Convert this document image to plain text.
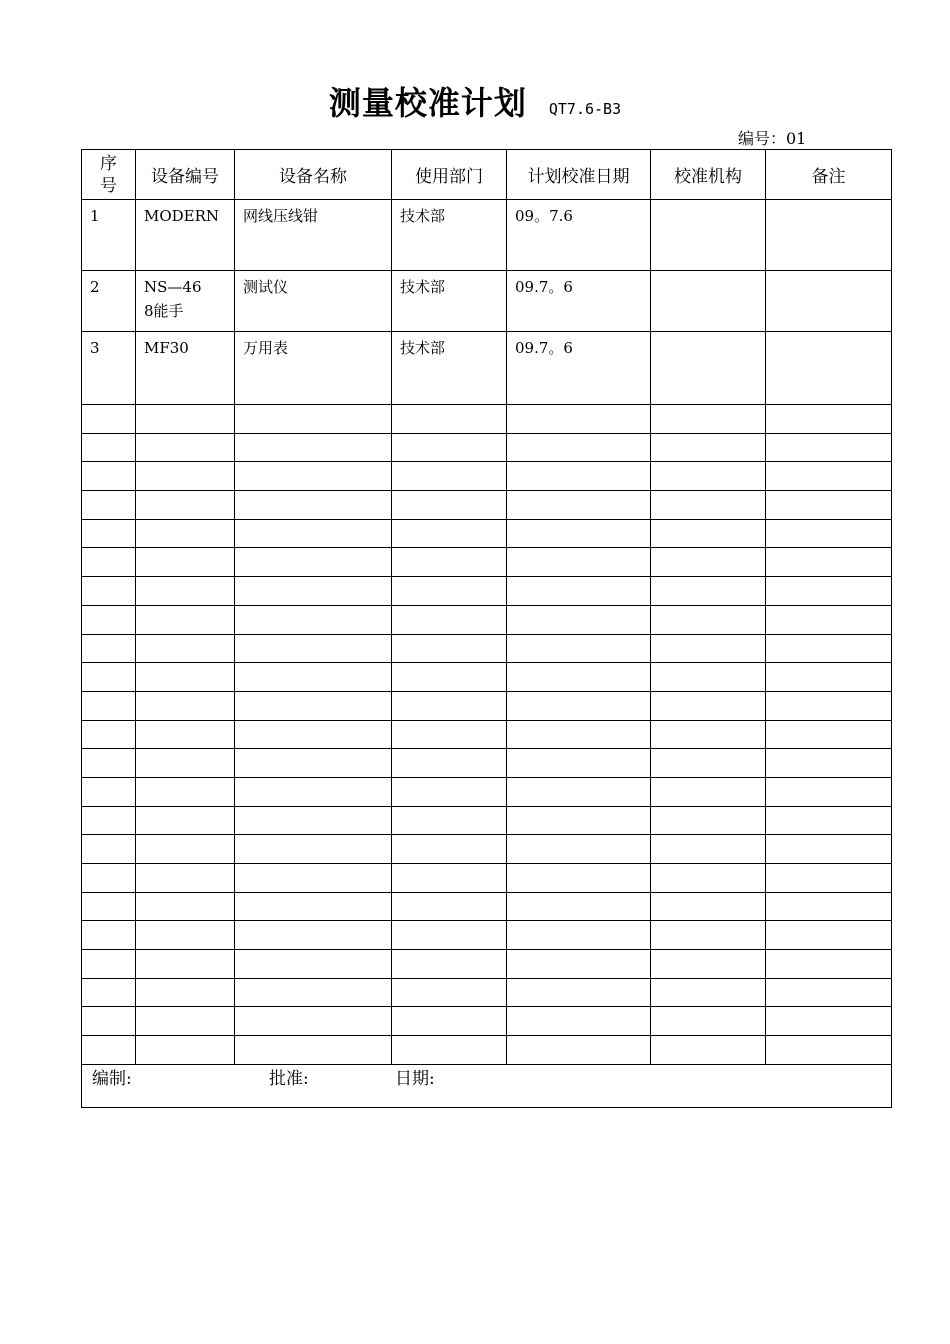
测量校准计划 QT7.6-B3
编号：01
序号	设备编号	设备名称	使用部门	计划校准日期	校准机构	备注

1	MODERN	网线压线钳	技术部	09。7.6		

2	NS—468能手	测试仪	技术部	09.7。6		

3	MF30	万用表	技术部	09.7。6		

编制: 批准: 日期:						
